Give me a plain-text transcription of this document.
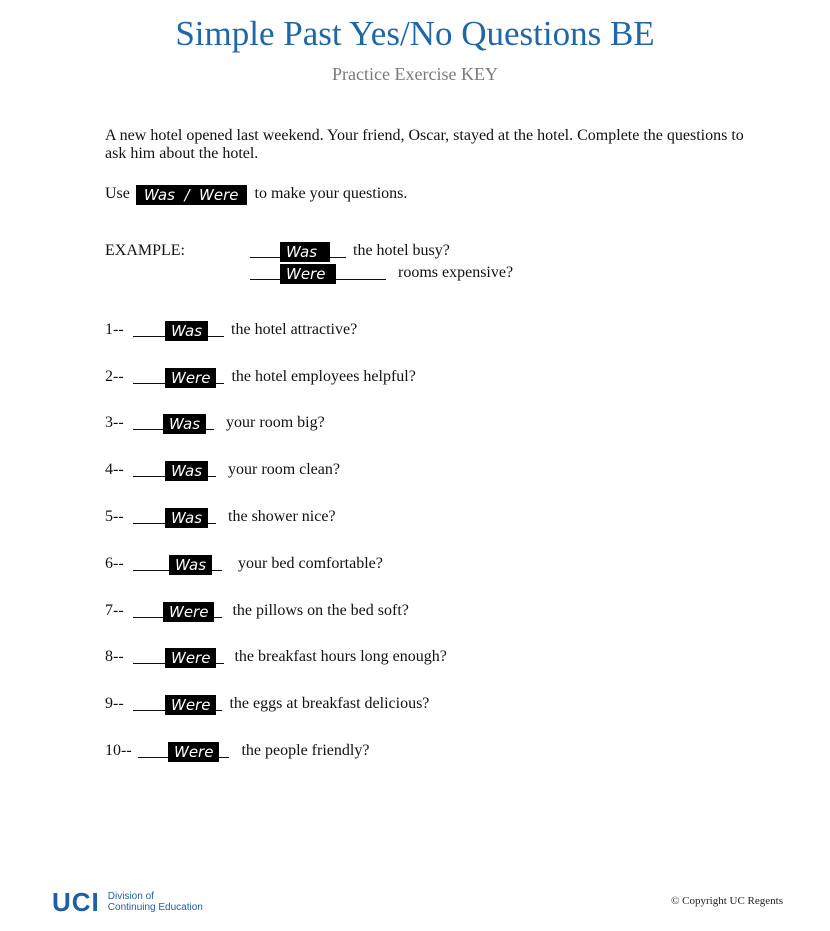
Simple Past Yes/No Questions BE
Practice Exercise KEY

A new hotel opened last weekend. Your friend, Oscar, stayed at the hotel. Complete the questions to ask him about the hotel.

Use Was  /  Were to make your questions.
EXAMPLE:	Was the hotel busy?
Were	rooms expensive?
1--	Was the hotel attractive?
2--	Were the hotel employees helpful?
3--	Was your room big?
4--	Was your room clean?
5--	Was the shower nice?
6--	Was your bed comfortable?
7--	Were the pillows on the bed soft?
8--	Were the breakfast hours long enough?
9--	Were the eggs at breakfast delicious?
10--	Were the people friendly?
UCI Division of
Continuing Education
© Copyright UC Regents
